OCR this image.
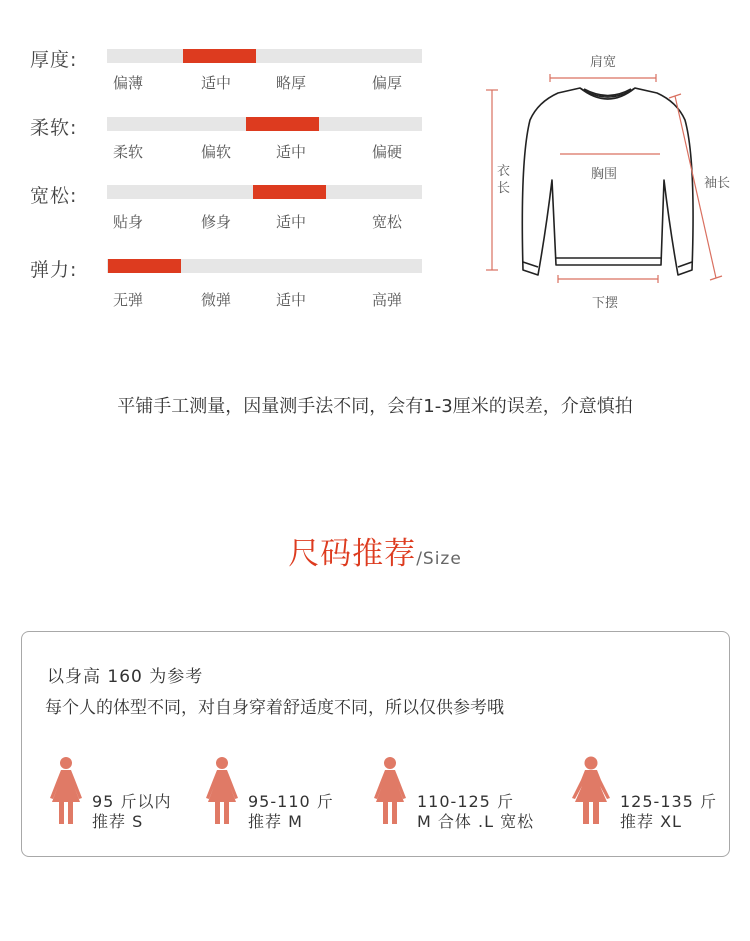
厚度:
偏薄	适中	略厚	偏厚
柔软:
柔软	偏软	适中	偏硬
宽松:
贴身	修身	适中	宽松
弹力:
无弹	微弹	适中	高弹
肩宽
衣长
胸围
袖长
下摆
平铺手工测量，因量测手法不同，会有1-3厘米的误差，介意慎拍
尺码推荐/Size
以身高 160 为参考
每个人的体型不同，对自身穿着舒适度不同，所以仅供参考哦
95 斤以内
推荐 S
95-110 斤
推荐 M
110-125 斤
M 合体 .L 宽松
125-135 斤
推荐 XL
